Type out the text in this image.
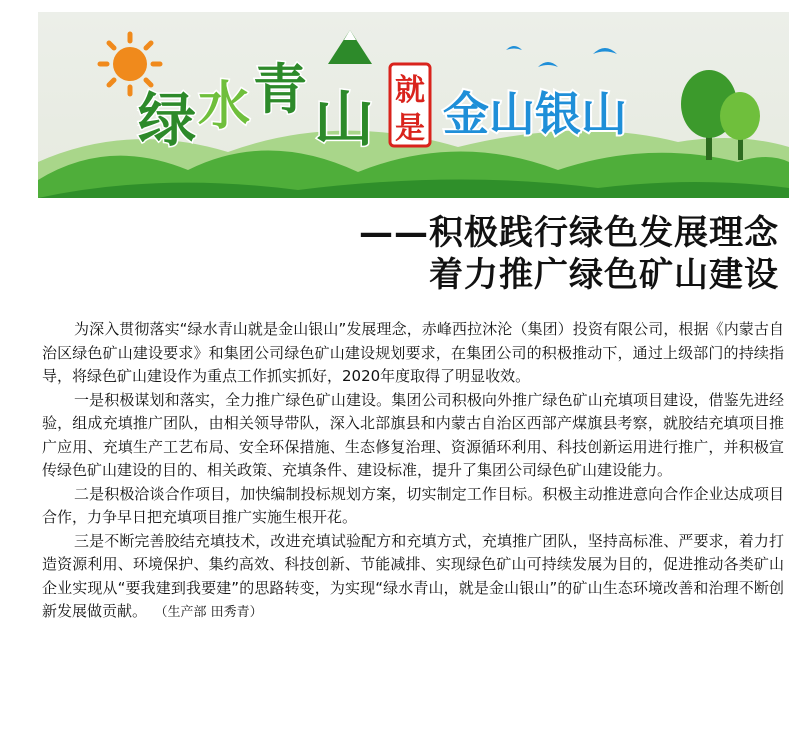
绿 水 青 山 就
是 金山银山
——积极践行绿色发展理念
着力推广绿色矿山建设

为深入贯彻落实“绿水青山就是金山银山”发展理念，赤峰西拉沐沦（集团）投资有限公司，根据《内蒙古自治区绿色矿山建设要求》和集团公司绿色矿山建设规划要求，在集团公司的积极推动下，通过上级部门的持续指导，将绿色矿山建设作为重点工作抓实抓好，2020年度取得了明显收效。

一是积极谋划和落实，全力推广绿色矿山建设。集团公司积极向外推广绿色矿山充填项目建设，借鉴先进经验，组成充填推广团队，由相关领导带队，深入北部旗县和内蒙古自治区西部产煤旗县考察，就胶结充填项目推广应用、充填生产工艺布局、安全环保措施、生态修复治理、资源循环利用、科技创新运用进行推广，并积极宣传绿色矿山建设的目的、相关政策、充填条件、建设标准，提升了集团公司绿色矿山建设能力。

二是积极洽谈合作项目，加快编制投标规划方案，切实制定工作目标。积极主动推进意向合作企业达成项目合作，力争早日把充填项目推广实施生根开花。

三是不断完善胶结充填技术，改进充填试验配方和充填方式，充填推广团队，坚持高标准、严要求，着力打造资源利用、环境保护、集约高效、科技创新、节能减排、实现绿色矿山可持续发展为目的，促进推动各类矿山企业实现从“要我建到我要建”的思路转变，为实现“绿水青山，就是金山银山”的矿山生态环境改善和治理不断创新发展做贡献。 （生产部 田秀青）
